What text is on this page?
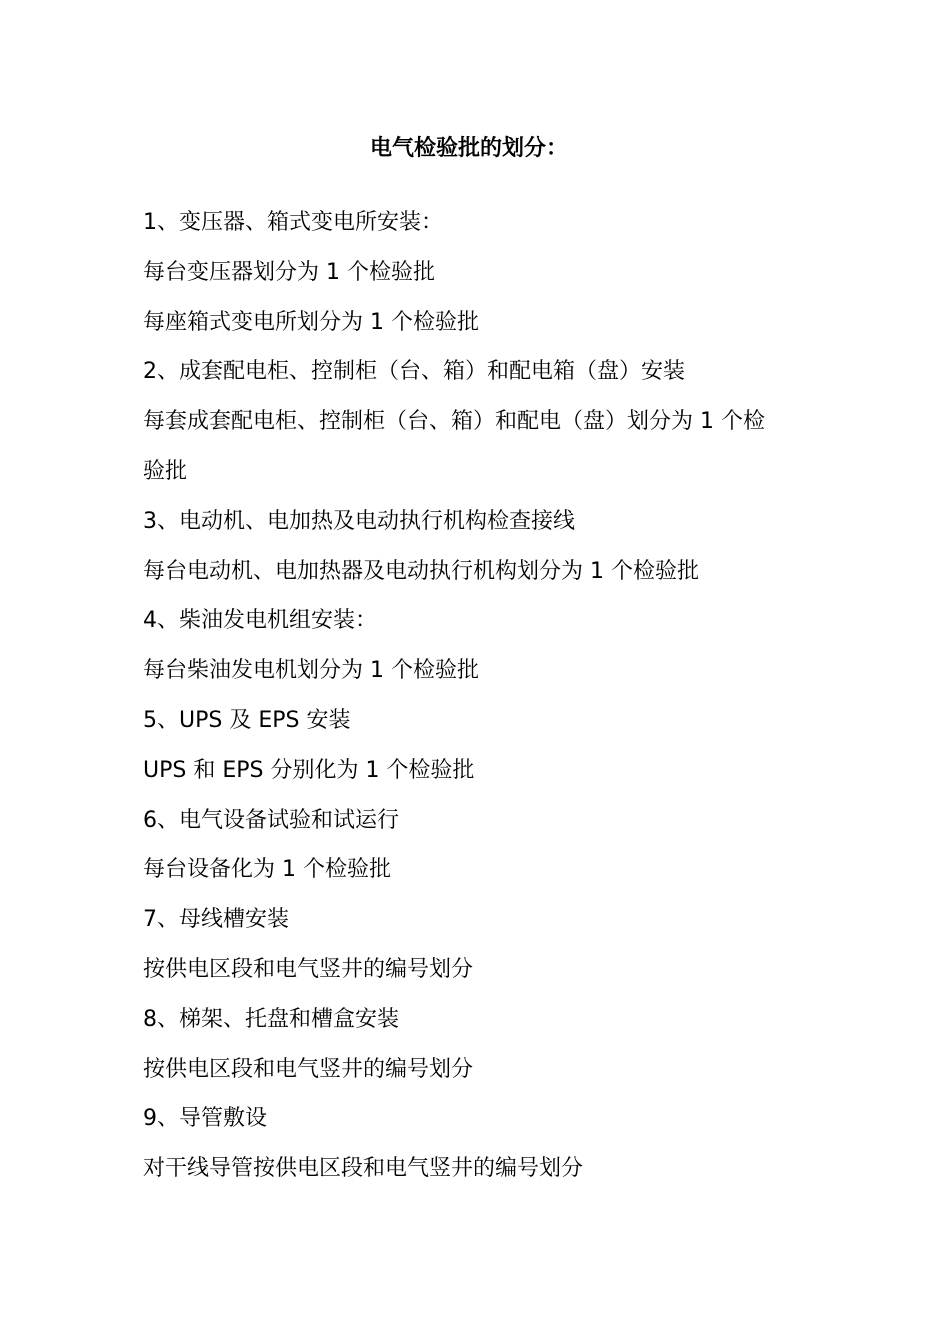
电气检验批的划分：

1、变压器、箱式变电所安装：

每台变压器划分为 1 个检验批

每座箱式变电所划分为 1 个检验批

2、成套配电柜、控制柜（台、箱）和配电箱（盘）安装

每套成套配电柜、控制柜（台、箱）和配电（盘）划分为 1 个检

验批

3、电动机、电加热及电动执行机构检查接线

每台电动机、电加热器及电动执行机构划分为 1 个检验批

4、柴油发电机组安装：

每台柴油发电机划分为 1 个检验批

5、UPS 及 EPS 安装

UPS 和 EPS 分别化为 1 个检验批

6、电气设备试验和试运行

每台设备化为 1 个检验批

7、母线槽安装

按供电区段和电气竖井的编号划分

8、梯架、托盘和槽盒安装

按供电区段和电气竖井的编号划分

9、导管敷设

对干线导管按供电区段和电气竖井的编号划分
